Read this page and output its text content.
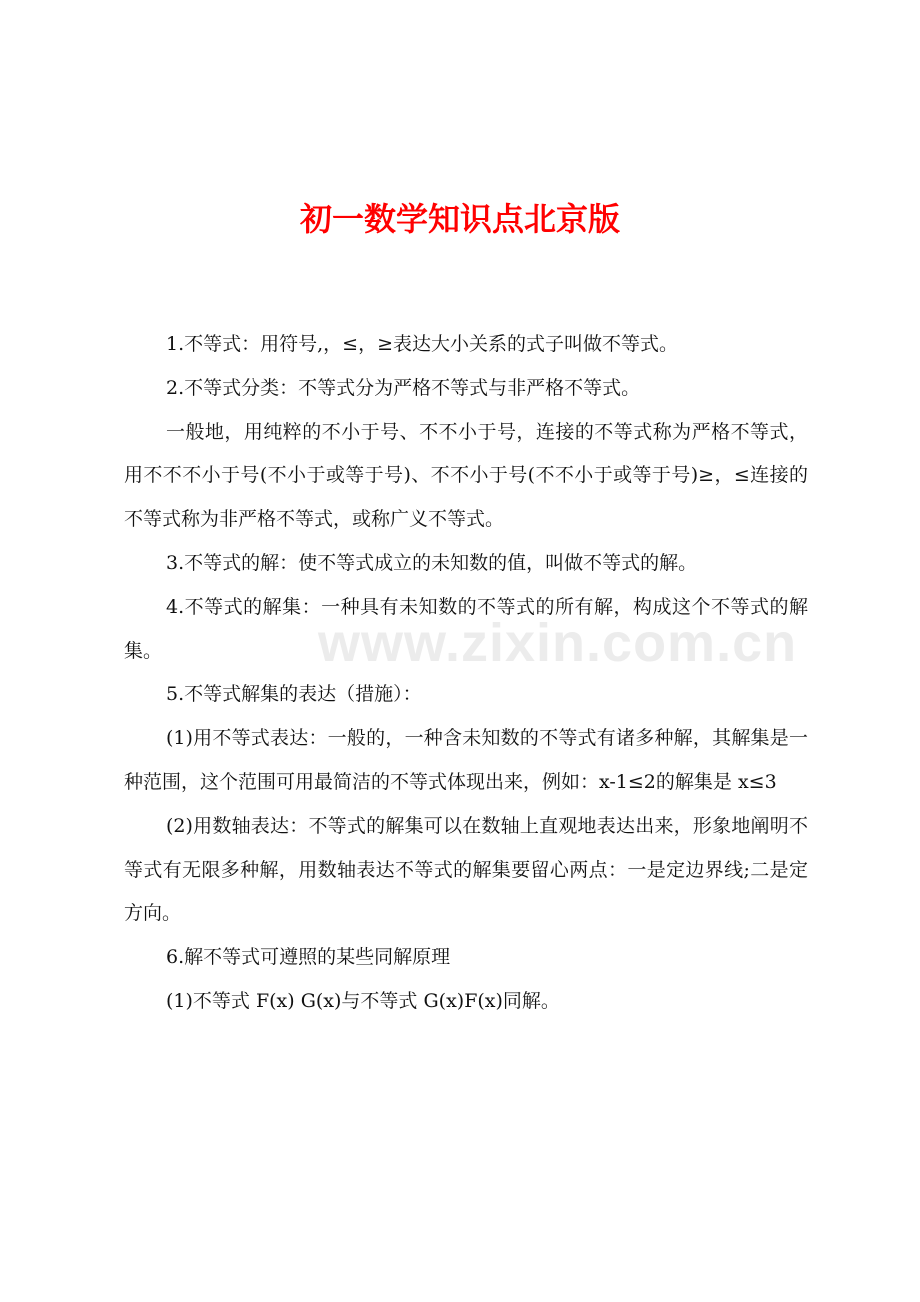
初一数学知识点北京版
www.zixin.com.cn

1.不等式：用符号,，≤，≥表达大小关系的式子叫做不等式。

2.不等式分类：不等式分为严格不等式与非严格不等式。

一般地，用纯粹的不小于号、不不小于号，连接的不等式称为严格不等式，用不不不小于号(不小于或等于号)、不不小于号(不不小于或等于号)≥，≤连接的不等式称为非严格不等式，或称广义不等式。

3.不等式的解：使不等式成立的未知数的值，叫做不等式的解。

4.不等式的解集：一种具有未知数的不等式的所有解，构成这个不等式的解集。

5.不等式解集的表达（措施）：

(1)用不等式表达：一般的，一种含未知数的不等式有诸多种解，其解集是一种范围，这个范围可用最简洁的不等式体现出来，例如：x-1≤2的解集是 x≤3

(2)用数轴表达：不等式的解集可以在数轴上直观地表达出来，形象地阐明不等式有无限多种解，用数轴表达不等式的解集要留心两点：一是定边界线;二是定方向。

6.解不等式可遵照的某些同解原理

(1)不等式 F(x) G(x)与不等式 G(x)F(x)同解。
